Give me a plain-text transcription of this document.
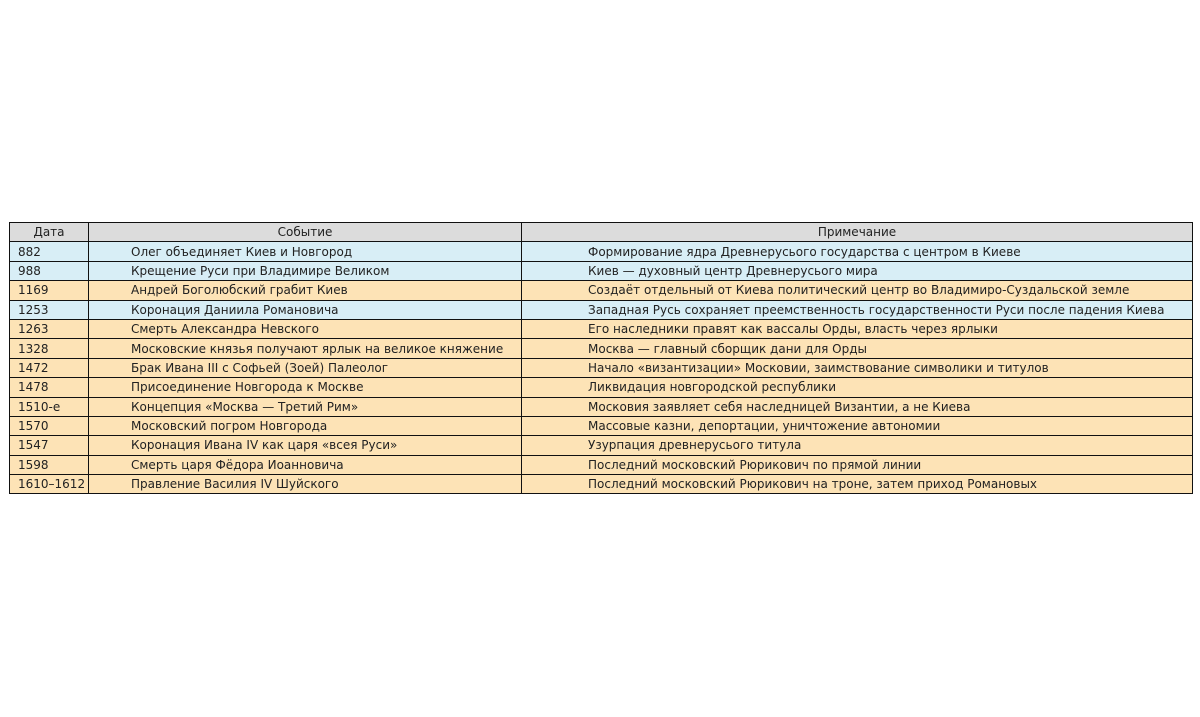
Дата	Событие	Примечание
882	Олег объединяет Киев и Новгород	Формирование ядра Древнерусього государства с центром в Киеве
988	Крещение Руси при Владимире Великом	Киев — духовный центр Древнерусього мира
1169	Андрей Боголюбский грабит Киев	Создаёт отдельный от Киева политический центр во Владимиро-Суздальской земле
1253	Коронация Даниила Романовича	Западная Русь сохраняет преемственность государственности Руси после падения Киева
1263	Смерть Александра Невского	Его наследники правят как вассалы Орды, власть через ярлыки
1328	Московские князья получают ярлык на великое княжение	Москва — главный сборщик дани для Орды
1472	Брак Ивана III с Софьей (Зоей) Палеолог	Начало «византизации» Московии, заимствование символики и титулов
1478	Присоединение Новгорода к Москве	Ликвидация новгородской республики
1510-е	Концепция «Москва — Третий Рим»	Московия заявляет себя наследницей Византии, а не Киева
1570	Московский погром Новгорода	Массовые казни, депортации, уничтожение автономии
1547	Коронация Ивана IV как царя «всея Руси»	Узурпация древнерусього титула
1598	Смерть царя Фёдора Иоанновича	Последний московский Рюрикович по прямой линии
1610–1612	Правление Василия IV Шуйского	Последний московский Рюрикович на троне, затем приход Романовых
